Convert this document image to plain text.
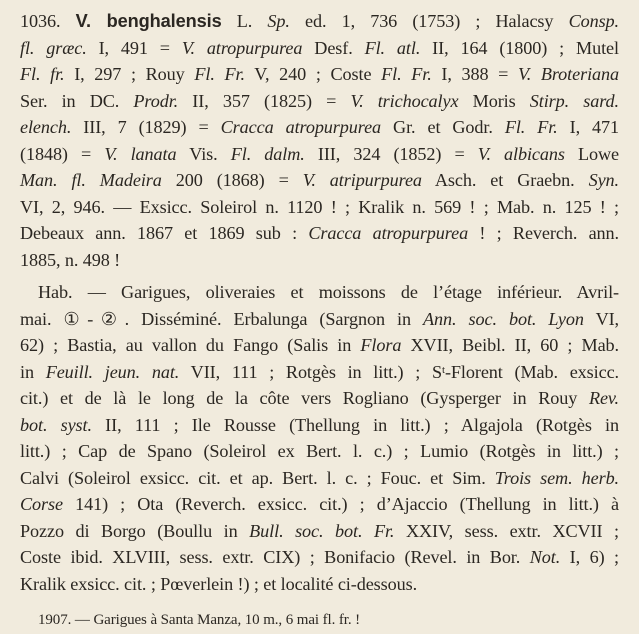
1036. V. benghalensis L. Sp. ed. 1, 736 (1753) ; Halacsy Consp.
fl. græc. I, 491 = V. atropurpurea Desf. Fl. atl. II, 164 (1800) ; Mutel
Fl. fr. I, 297 ; Rouy Fl. Fr. V, 240 ; Coste Fl. Fr. I, 388 = V. Broteriana
Ser. in DC. Prodr. II, 357 (1825) = V. trichocalyx Moris Stirp. sard.
elench. III, 7 (1829) = Cracca atropurpurea Gr. et Godr. Fl. Fr. I, 471
(1848) = V. lanata Vis. Fl. dalm. III, 324 (1852) = V. albicans Lowe
Man. fl. Madeira 200 (1868) = V. atripurpurea Asch. et Graebn. Syn.
VI, 2, 946. — Exsicc. Soleirol n. 1120 ! ; Kralik n. 569 ! ; Mab. n. 125 ! ;
Debeaux ann. 1867 et 1869 sub : Cracca atropurpurea ! ; Reverch. ann.
1885, n. 498 !
Hab. — Garigues, oliveraies et moissons de l’étage inférieur. Avril-
mai. ①-②. Disséminé. Erbalunga (Sargnon in Ann. soc. bot. Lyon VI,
62) ; Bastia, au vallon du Fango (Salis in Flora XVII, Beibl. II, 60 ; Mab.
in Feuill. jeun. nat. VII, 111 ; Rotgès in litt.) ; $S^t$-Florent (Mab. exsicc.
cit.) et de là le long de la côte vers Rogliano (Gysperger in Rouy Rev.
bot. syst. II, 111 ; Ile Rousse (Thellung in litt.) ; Algajola (Rotgès in
litt.) ; Cap de Spano (Soleirol ex Bert. l. c.) ; Lumio (Rotgès in litt.) ;
Calvi (Soleirol exsicc. cit. et ap. Bert. l. c. ; Fouc. et Sim. Trois sem. herb.
Corse 141) ; Ota (Reverch. exsicc. cit.) ; d’Ajaccio (Thellung in litt.) à
Pozzo di Borgo (Boullu in Bull. soc. bot. Fr. XXIV, sess. extr. XCVII ;
Coste ibid. XLVIII, sess. extr. CIX) ; Bonifacio (Revel. in Bor. Not. I, 6) ;
Kralik exsicc. cit. ; Pœverlein !) ; et localité ci-dessous.
1907. — Garigues à Santa Manza, 10 m., 6 mai fl. fr. !
